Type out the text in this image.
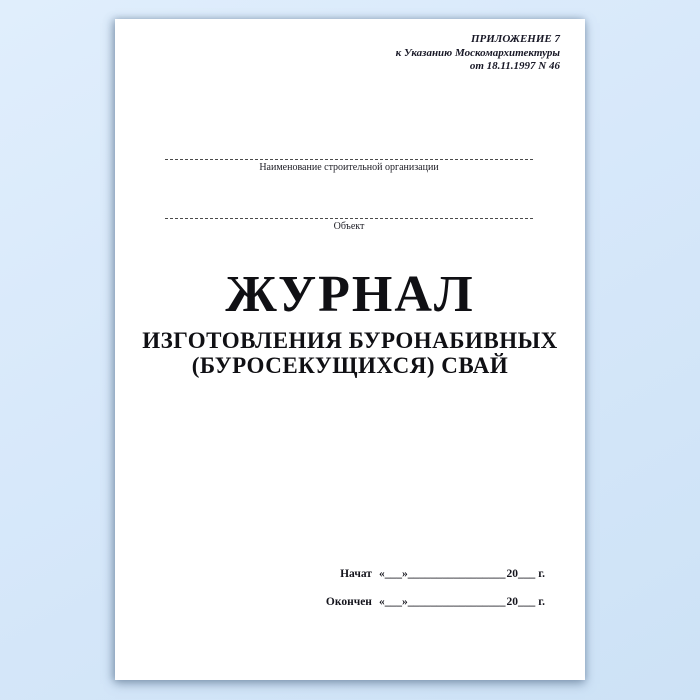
ПРИЛОЖЕНИЕ 7
к Указанию Москомархитектуры
от 18.11.1997 N 46
Наименование строительной организации
Объект
ЖУРНАЛ
ИЗГОТОВЛЕНИЯ БУРОНАБИВНЫХ
(БУРОСЕКУЩИХСЯ) СВАЙ
Начат «___»_________________20___ г.
Окончен «___»_________________20___ г.
